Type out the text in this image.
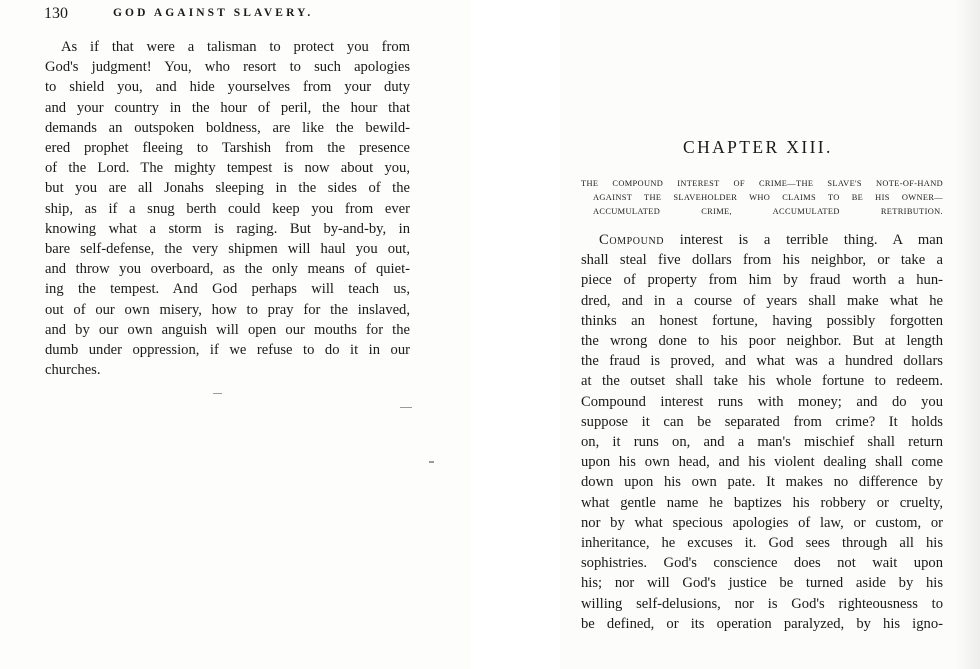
130	GOD AGAINST SLAVERY.

As if that were a talisman to protect you from
God's judgment! You, who resort to such apologies
to shield you, and hide yourselves from your duty
and your country in the hour of peril, the hour that
demands an outspoken boldness, are like the bewild-
ered prophet fleeing to Tarshish from the presence
of the Lord. The mighty tempest is now about you,
but you are all Jonahs sleeping in the sides of the
ship, as if a snug berth could keep you from ever
knowing what a storm is raging. But by-and-by, in
bare self-defense, the very shipmen will haul you out,
and throw you overboard, as the only means of quiet-
ing the tempest. And God perhaps will teach us,
out of our own misery, how to pray for the inslaved,
and by our own anguish will open our mouths for the
dumb under oppression, if we refuse to do it in our
churches.
CHAPTER XIII.
THE COMPOUND INTEREST OF CRIME—THE SLAVE'S NOTE-OF-HAND
AGAINST THE SLAVEHOLDER WHO CLAIMS TO BE HIS OWNER—
ACCUMULATED CRIME, ACCUMULATED RETRIBUTION.
Compound interest is a terrible thing. A man
shall steal five dollars from his neighbor, or take a
piece of property from him by fraud worth a hun-
dred, and in a course of years shall make what he
thinks an honest fortune, having possibly forgotten
the wrong done to his poor neighbor. But at length
the fraud is proved, and what was a hundred dollars
at the outset shall take his whole fortune to redeem.
Compound interest runs with money; and do you
suppose it can be separated from crime? It holds
on, it runs on, and a man's mischief shall return
upon his own head, and his violent dealing shall come
down upon his own pate. It makes no difference by
what gentle name he baptizes his robbery or cruelty,
nor by what specious apologies of law, or custom, or
inheritance, he excuses it. God sees through all his
sophistries. God's conscience does not wait upon
his; nor will God's justice be turned aside by his
willing self-delusions, nor is God's righteousness to
be defined, or its operation paralyzed, by his igno-
